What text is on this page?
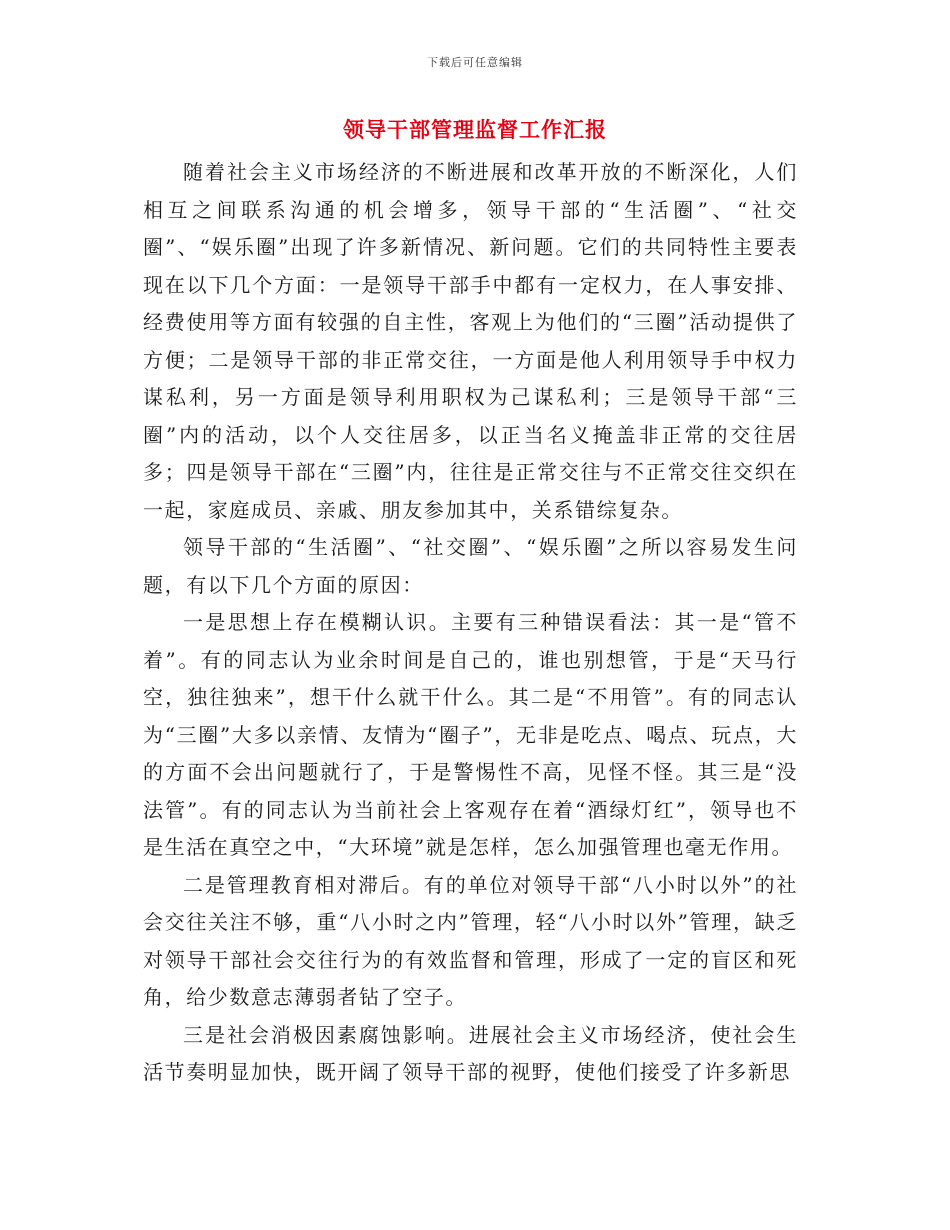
下载后可任意编辑
领导干部管理监督工作汇报

随着社会主义市场经济的不断进展和改革开放的不断深化，人们相互之间联系沟通的机会增多，领导干部的“生活圈”、“社交圈”、“娱乐圈”出现了许多新情况、新问题。它们的共同特性主要表现在以下几个方面：一是领导干部手中都有一定权力，在人事安排、经费使用等方面有较强的自主性，客观上为他们的“三圈”活动提供了方便；二是领导干部的非正常交往，一方面是他人利用领导手中权力谋私利，另一方面是领导利用职权为己谋私利；三是领导干部“三圈”内的活动，以个人交往居多，以正当名义掩盖非正常的交往居多；四是领导干部在“三圈”内，往往是正常交往与不正常交往交织在一起，家庭成员、亲戚、朋友参加其中，关系错综复杂。

领导干部的“生活圈”、“社交圈”、“娱乐圈”之所以容易发生问题，有以下几个方面的原因：

一是思想上存在模糊认识。主要有三种错误看法：其一是“管不着”。有的同志认为业余时间是自己的，谁也别想管，于是“天马行空，独往独来”，想干什么就干什么。其二是“不用管”。有的同志认为“三圈”大多以亲情、友情为“圈子”，无非是吃点、喝点、玩点，大的方面不会出问题就行了，于是警惕性不高，见怪不怪。其三是“没法管”。有的同志认为当前社会上客观存在着“酒绿灯红”，领导也不是生活在真空之中，“大环境”就是怎样，怎么加强管理也毫无作用。

二是管理教育相对滞后。有的单位对领导干部“八小时以外”的社会交往关注不够，重“八小时之内”管理，轻“八小时以外”管理，缺乏对领导干部社会交往行为的有效监督和管理，形成了一定的盲区和死角，给少数意志薄弱者钻了空子。

三是社会消极因素腐蚀影响。进展社会主义市场经济，使社会生活节奏明显加快，既开阔了领导干部的视野，使他们接受了许多新思
